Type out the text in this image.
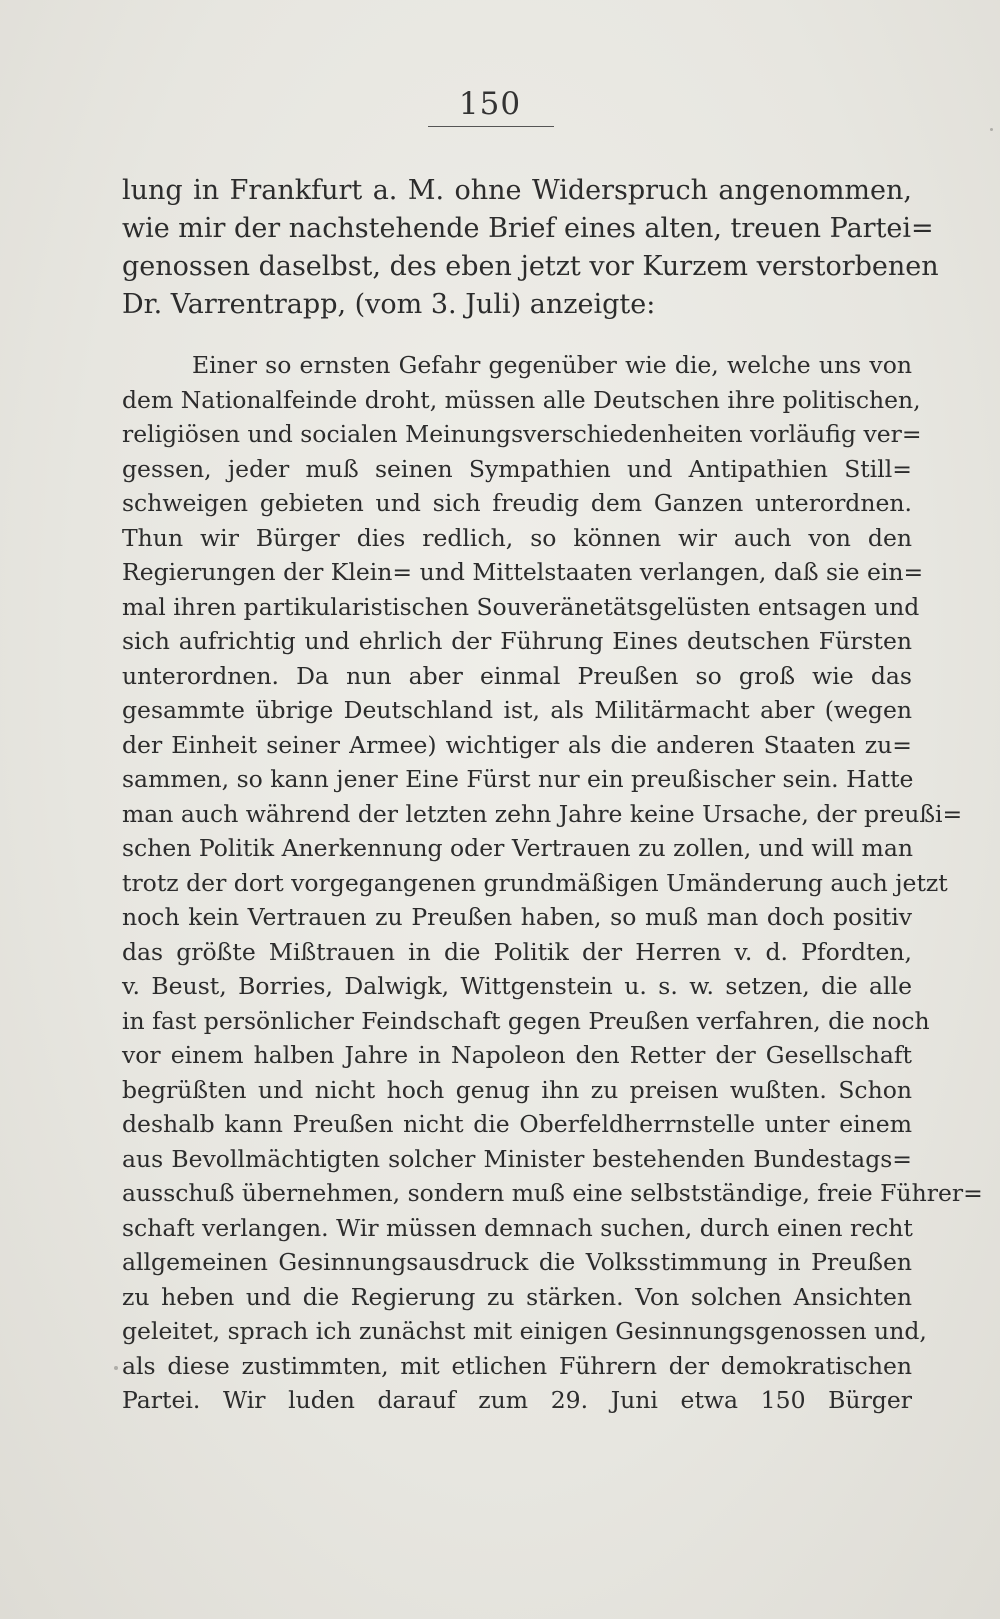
150
lung in Frankfurt a. M. ohne Widerspruch angenommen,
wie mir der nachstehende Brief eines alten, treuen Partei=
genossen daselbst, des eben jetzt vor Kurzem verstorbenen
Dr. Varrentrapp, (vom 3. Juli) anzeigte:
Einer so ernsten Gefahr gegenüber wie die, welche uns von
dem Nationalfeinde droht, müssen alle Deutschen ihre politischen,
religiösen und socialen Meinungsverschiedenheiten vorläufig ver=
gessen, jeder muß seinen Sympathien und Antipathien Still=
schweigen gebieten und sich freudig dem Ganzen unterordnen.
Thun wir Bürger dies redlich, so können wir auch von den
Regierungen der Klein= und Mittelstaaten verlangen, daß sie ein=
mal ihren partikularistischen Souveränetätsgelüsten entsagen und
sich aufrichtig und ehrlich der Führung Eines deutschen Fürsten
unterordnen. Da nun aber einmal Preußen so groß wie das
gesammte übrige Deutschland ist, als Militärmacht aber (wegen
der Einheit seiner Armee) wichtiger als die anderen Staaten zu=
sammen, so kann jener Eine Fürst nur ein preußischer sein. Hatte
man auch während der letzten zehn Jahre keine Ursache, der preußi=
schen Politik Anerkennung oder Vertrauen zu zollen, und will man
trotz der dort vorgegangenen grundmäßigen Umänderung auch jetzt
noch kein Vertrauen zu Preußen haben, so muß man doch positiv
das größte Mißtrauen in die Politik der Herren v. d. Pfordten,
v. Beust, Borries, Dalwigk, Wittgenstein u. s. w. setzen, die alle
in fast persönlicher Feindschaft gegen Preußen verfahren, die noch
vor einem halben Jahre in Napoleon den Retter der Gesellschaft
begrüßten und nicht hoch genug ihn zu preisen wußten. Schon
deshalb kann Preußen nicht die Oberfeldherrnstelle unter einem
aus Bevollmächtigten solcher Minister bestehenden Bundestags=
ausschuß übernehmen, sondern muß eine selbstständige, freie Führer=
schaft verlangen. Wir müssen demnach suchen, durch einen recht
allgemeinen Gesinnungsausdruck die Volksstimmung in Preußen
zu heben und die Regierung zu stärken. Von solchen Ansichten
geleitet, sprach ich zunächst mit einigen Gesinnungsgenossen und,
als diese zustimmten, mit etlichen Führern der demokratischen
Partei. Wir luden darauf zum 29. Juni etwa 150 Bürger
